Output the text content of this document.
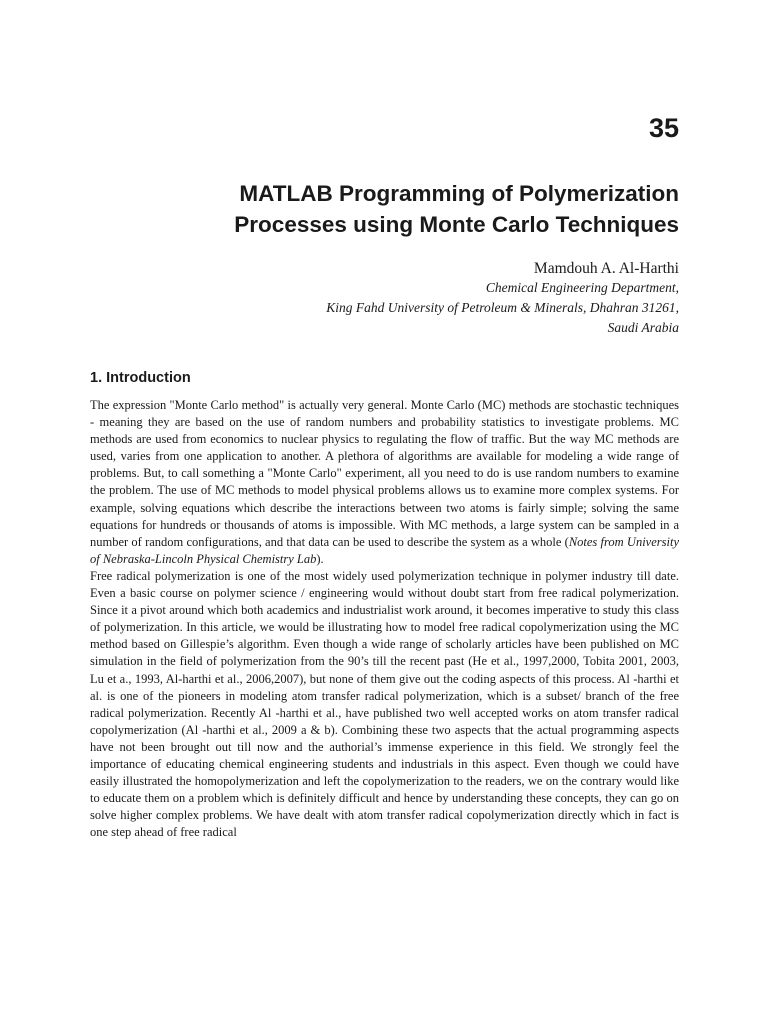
35
MATLAB Programming of Polymerization
Processes using Monte Carlo Techniques

Mamdouh A. Al-Harthi

Chemical Engineering Department,
King Fahd University of Petroleum & Minerals, Dhahran 31261,
Saudi Arabia

1. Introduction

The expression "Monte Carlo method" is actually very general. Monte Carlo (MC) methods are stochastic techniques - meaning they are based on the use of random numbers and probability statistics to investigate problems. MC methods are used from economics to nuclear physics to regulating the flow of traffic. But the way MC methods are used, varies from one application to another. A plethora of algorithms are available for modeling a wide range of problems. But, to call something a "Monte Carlo" experiment, all you need to do is use random numbers to examine the problem. The use of MC methods to model physical problems allows us to examine more complex systems. For example, solving equations which describe the interactions between two atoms is fairly simple; solving the same equations for hundreds or thousands of atoms is impossible. With MC methods, a large system can be sampled in a number of random configurations, and that data can be used to describe the system as a whole (Notes from University of Nebraska-Lincoln Physical Chemistry Lab).

Free radical polymerization is one of the most widely used polymerization technique in polymer industry till date. Even a basic course on polymer science / engineering would without doubt start from free radical polymerization. Since it a pivot around which both academics and industrialist work around, it becomes imperative to study this class of polymerization. In this article, we would be illustrating how to model free radical copolymerization using the MC method based on Gillespie’s algorithm. Even though a wide range of scholarly articles have been published on MC simulation in the field of polymerization from the 90’s till the recent past (He et al., 1997,2000, Tobita 2001, 2003, Lu et a., 1993, Al-harthi et al., 2006,2007), but none of them give out the coding aspects of this process. Al -harthi et al. is one of the pioneers in modeling atom transfer radical polymerization, which is a subset/ branch of the free radical polymerization. Recently Al -harthi et al., have published two well accepted works on atom transfer radical copolymerization (Al -harthi et al., 2009 a & b). Combining these two aspects that the actual programming aspects have not been brought out till now and the authorial’s immense experience in this field. We strongly feel the importance of educating chemical engineering students and industrials in this aspect. Even though we could have easily illustrated the homopolymerization and left the copolymerization to the readers, we on the contrary would like to educate them on a problem which is definitely difficult and hence by understanding these concepts, they can go on solve higher complex problems. We have dealt with atom transfer radical copolymerization directly which in fact is one step ahead of free radical
